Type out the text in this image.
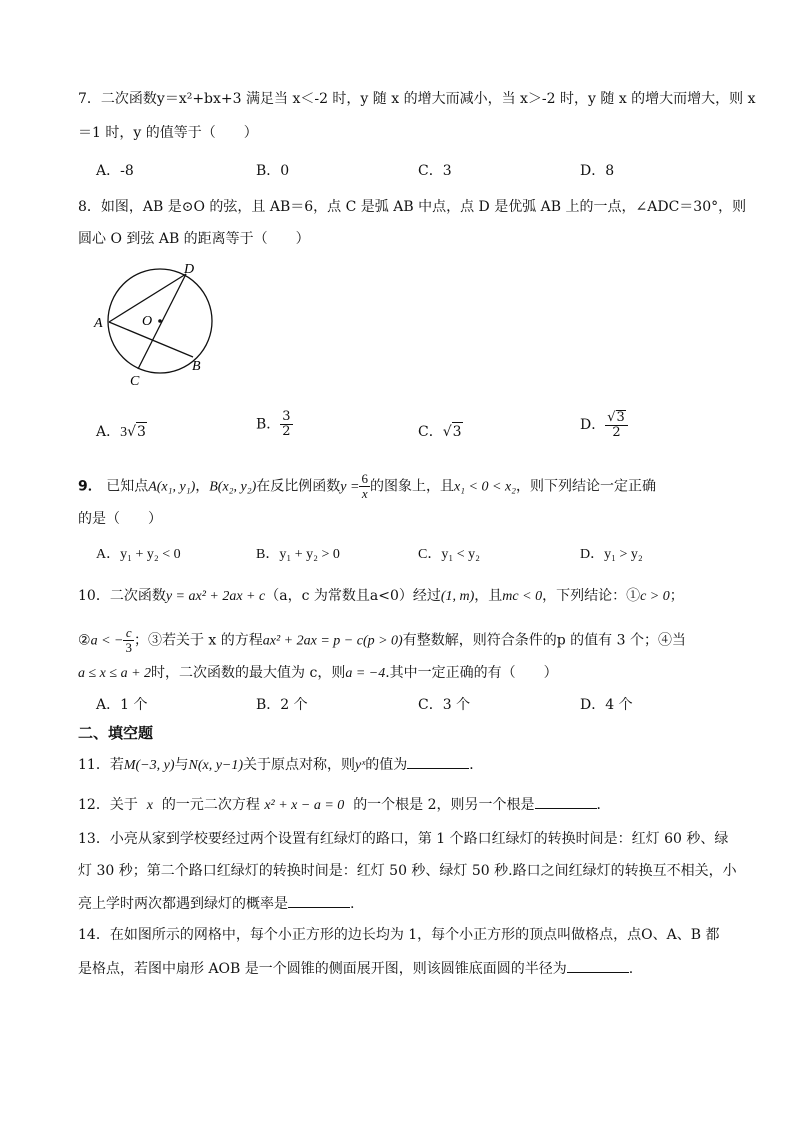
7．二次函数y＝x²+bx+3 满足当 x＜-2 时，y 随 x 的增大而减小，当 x＞-2 时，y 随 x 的增大而增大，则 x
＝1 时，y 的值等于（　　）
A．-8	B．0	C．3	D．8
8．如图，AB 是⊙O 的弦，且 AB＝6，点 C 是弧 AB 中点，点 D 是优弧 AB 上的一点，∠ADC＝30°，则
圆心 O 到弦 AB 的距离等于（　　）
A
B
C
D
O
A．3√3	B． $\frac{3}{2}$	C．√3	D． $\frac{√3}{2}$
9． 已知点A(x₁, y₁)，B(x₂, y₂)在反比例函数$y = \frac{6}{x}$ 的图象上，且x₁ < 0 < x₂，则下列结论一定正确
的是（　　）
A．y₁ + y₂ < 0	B．y₁ + y₂ > 0	C．y₁ < y₂	D．y₁ > y₂
10．二次函数y = ax² + 2ax + c（a，c 为常数且a<0）经过(1, m)，且mc < 0，下列结论：①c > 0；
②a < − $\frac{c}{3}$ ；③若关于 x 的方程ax² + 2ax = p − c(p > 0)有整数解，则符合条件的p 的值有 3 个；④当
a ≤ x ≤ a + 2时，二次函数的最大值为 c，则a = −4.其中一定正确的有（　　）
A．1 个	B．2 个	C．3 个	D．4 个
二、填空题
11．若M(−3, y)与N(x, y−1)关于原点对称，则yˣ的值为	．
12．关于 x 的一元二次方程 x² + x − a = 0 的一个根是 2，则另一个根是	．
13．小亮从家到学校要经过两个设置有红绿灯的路口，第 1 个路口红绿灯的转换时间是：红灯 60 秒、绿
灯 30 秒；第二个路口红绿灯的转换时间是：红灯 50 秒、绿灯 50 秒.路口之间红绿灯的转换互不相关，小
亮上学时两次都遇到绿灯的概率是	.
14．在如图所示的网格中，每个小正方形的边长均为 1，每个小正方形的顶点叫做格点，点O、A、B 都
是格点，若图中扇形 AOB 是一个圆锥的侧面展开图，则该圆锥底面圆的半径为	.
